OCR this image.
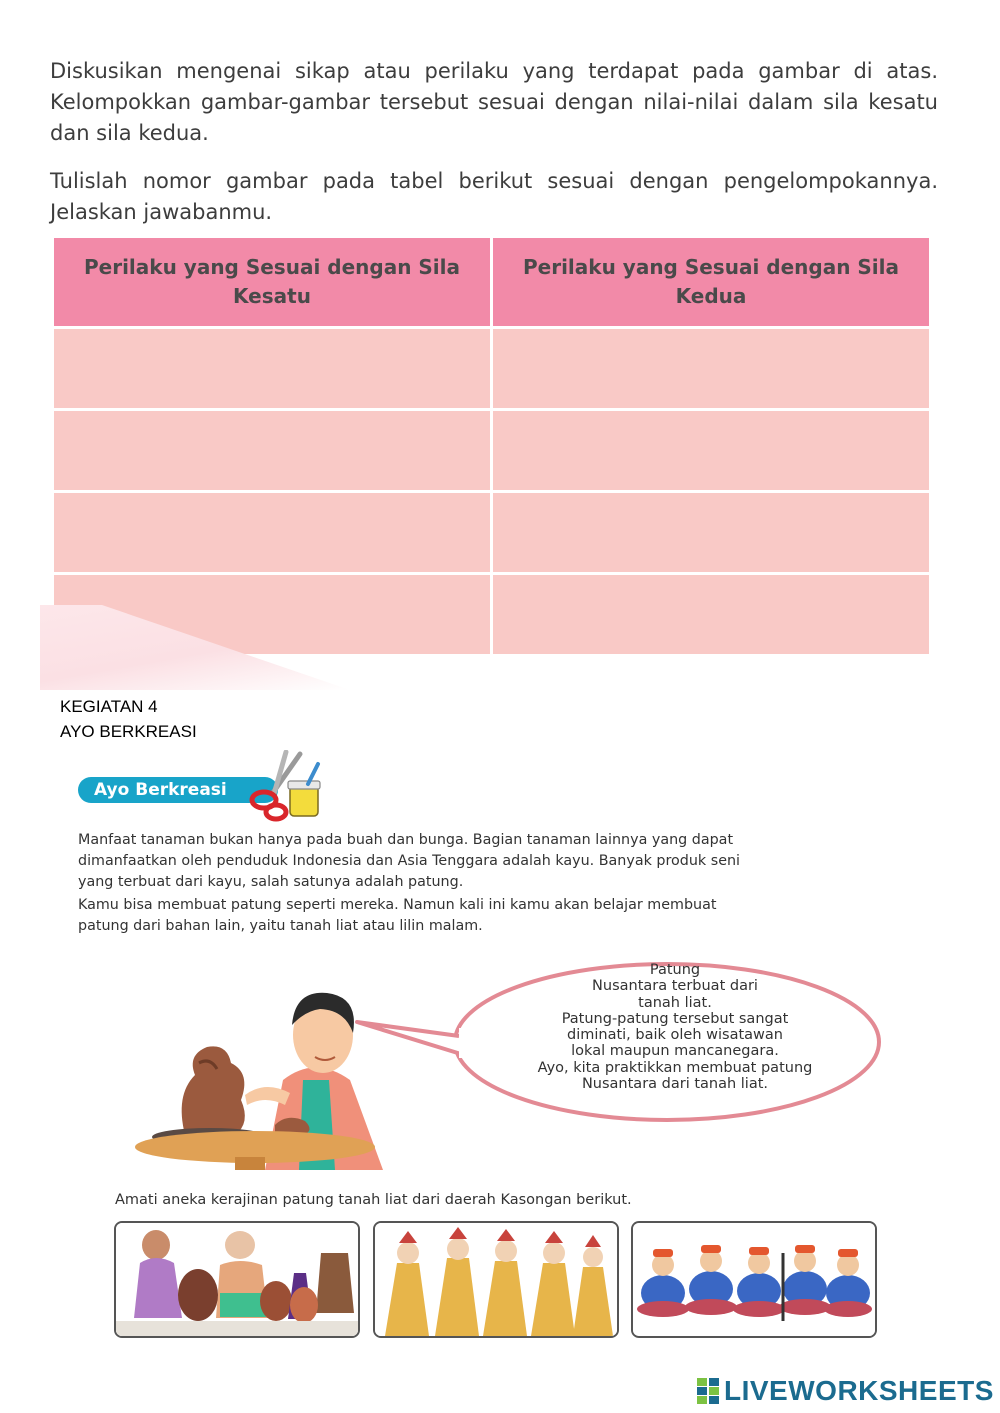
Diskusikan mengenai sikap atau perilaku yang terdapat pada gambar di atas. Kelompokkan gambar-gambar tersebut sesuai dengan nilai-nilai dalam sila kesatu dan sila kedua.
Tulislah nomor gambar pada tabel berikut sesuai dengan pengelompokannya. Jelaskan jawabanmu.
Perilaku yang Sesuai dengan Sila Kesatu	Perilaku yang Sesuai dengan Sila Kedua

KEGIATAN 4
AYO BERKREASI
Ayo Berkreasi
Manfaat tanaman bukan hanya pada buah dan bunga. Bagian tanaman lainnya yang dapat dimanfaatkan oleh penduduk Indonesia dan Asia Tenggara adalah kayu. Banyak produk seni yang terbuat dari kayu, salah satunya adalah patung.
Kamu bisa membuat patung seperti mereka. Namun kali ini kamu akan belajar membuat patung dari bahan lain, yaitu tanah liat atau lilin malam.
Patung
Nusantara terbuat dari
tanah liat.
Patung-patung tersebut sangat
diminati, baik oleh wisatawan
lokal maupun mancanegara.
Ayo, kita praktikkan membuat patung
Nusantara dari tanah liat.
Amati aneka kerajinan patung tanah liat dari daerah Kasongan berikut.
LIVEWORKSHEETS
